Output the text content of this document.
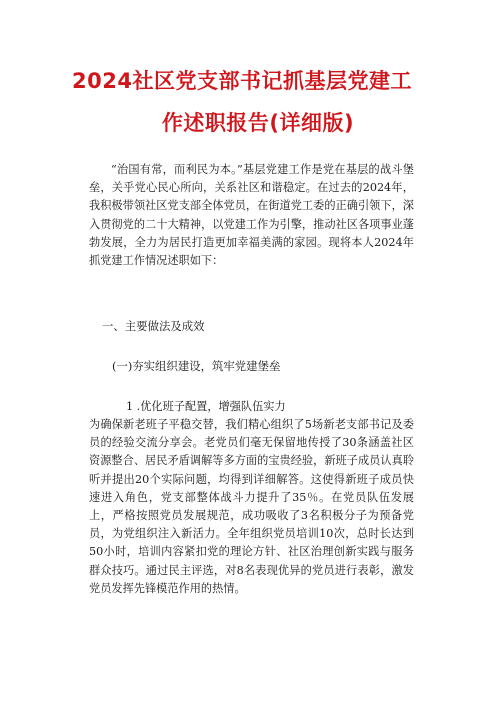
2024社区党支部书记抓基层党建工
作述职报告(详细版)

“治国有常，而利民为本。”基层党建工作是党在基层的战斗堡垒，关乎党心民心所向，关系社区和谐稳定。在过去的2024年，我积极带领社区党支部全体党员，在街道党工委的正确引领下，深入贯彻党的二十大精神，以党建工作为引擎，推动社区各项事业蓬勃发展，全力为居民打造更加幸福美满的家园。现将本人2024年抓党建工作情况述职如下：

一、主要做法及成效

(一)夯实组织建设，筑牢党建堡垒

1 .优化班子配置，增强队伍实力

为确保新老班子平稳交替，我们精心组织了5场新老支部书记及委员的经验交流分享会。老党员们毫无保留地传授了30条涵盖社区资源整合、居民矛盾调解等多方面的宝贵经验，新班子成员认真聆听并提出20个实际问题，均得到详细解答。这使得新班子成员快速进入角色，党支部整体战斗力提升了35％。在党员队伍发展上，严格按照党员发展规范，成功吸收了3名积极分子为预备党员，为党组织注入新活力。全年组织党员培训10次，总时长达到50小时，培训内容紧扣党的理论方针、社区治理创新实践与服务群众技巧。通过民主评选，对8名表现优异的党员进行表彰，激发党员发挥先锋模范作用的热情。
